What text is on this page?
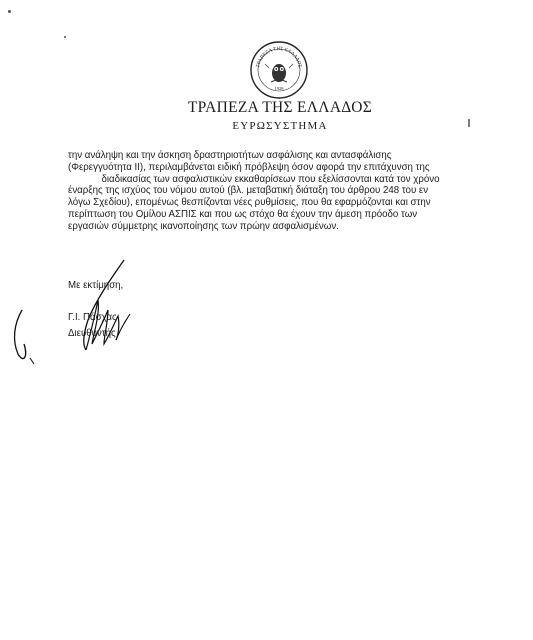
ΤΡΑΠΕΖΑ ΤΗΣ ΕΛΛΑΔΟΣ
1928
ΤΡΑΠΕΖΑ ΤΗΣ ΕΛΛΑΔΟΣ
ΕΥΡΩΣΥΣΤΗΜΑ
την ανάληψη και την άσκηση δραστηριοτήτων ασφάλισης και αντασφάλισης
(Φερεγγυότητα ΙΙ), περιλαμβάνεται ειδική πρόβλεψη όσον αφορά την επιτάχυνση της
διαδικασίας των ασφαλιστικών εκκαθαρίσεων που εξελίσσονται κατά τον χρόνο
έναρξης της ισχύος του νόμου αυτού (βλ. μεταβατική διάταξη του άρθρου 248 του εν
λόγω Σχεδίου), επομένως θεσπίζονται νέες ρυθμίσεις, που θα εφαρμόζονται και στην
περίπτωση του Ομίλου ΑΣΠΙΣ και που ως στόχο θα έχουν την άμεση πρόοδο των
εργασιών σύμμετρης ικανοποίησης των πρώην ασφαλισμένων.
Με εκτίμηση,
Γ.Ι. Πάσχας
Διευθυντής
